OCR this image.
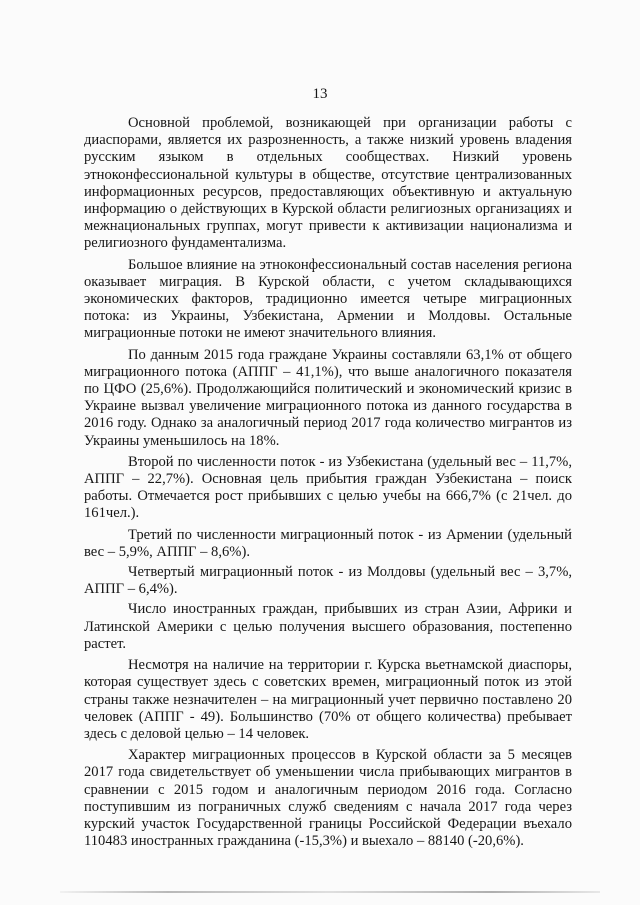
13

Основной проблемой, возникающей при организации работы с диаспорами, является их разрозненность, а также низкий уровень владения русским языком в отдельных сообществах. Низкий уровень этноконфессиональной культуры в обществе, отсутствие централизованных информационных ресурсов, предоставляющих объективную и актуальную информацию о действующих в Курской области религиозных организациях и межнациональных группах, могут привести к активизации национализма и религиозного фундаментализма.

Большое влияние на этноконфессиональный состав населения региона оказывает миграция. В Курской области, с учетом складывающихся экономических факторов, традиционно имеется четыре миграционных потока: из Украины, Узбекистана, Армении и Молдовы. Остальные миграционные потоки не имеют значительного влияния.

По данным 2015 года граждане Украины составляли 63,1% от общего миграционного потока (АППГ – 41,1%), что выше аналогичного показателя по ЦФО (25,6%). Продолжающийся политический и экономический кризис в Украине вызвал увеличение миграционного потока из данного государства в 2016 году. Однако за аналогичный период 2017 года количество мигрантов из Украины уменьшилось на 18%.

Второй по численности поток - из Узбекистана (удельный вес – 11,7%, АППГ – 22,7%). Основная цель прибытия граждан Узбекистана – поиск работы. Отмечается рост прибывших с целью учебы на 666,7% (с 21чел. до 161чел.).

Третий по численности миграционный поток - из Армении (удельный вес – 5,9%, АППГ – 8,6%).

Четвертый миграционный поток - из Молдовы (удельный вес – 3,7%, АППГ – 6,4%).

Число иностранных граждан, прибывших из стран Азии, Африки и Латинской Америки с целью получения высшего образования, постепенно растет.

Несмотря на наличие на территории г. Курска вьетнамской диаспоры, которая существует здесь с советских времен, миграционный поток из этой страны также незначителен – на миграционный учет первично поставлено 20 человек (АППГ - 49). Большинство (70% от общего количества) пребывает здесь с деловой целью – 14 человек.

Характер миграционных процессов в Курской области за 5 месяцев 2017 года свидетельствует об уменьшении числа прибывающих мигрантов в сравнении с 2015 годом и аналогичным периодом 2016 года. Согласно поступившим из пограничных служб сведениям с начала 2017 года через курский участок Государственной границы Российской Федерации въехало 110483 иностранных гражданина (-15,3%) и выехало – 88140 (-20,6%).
